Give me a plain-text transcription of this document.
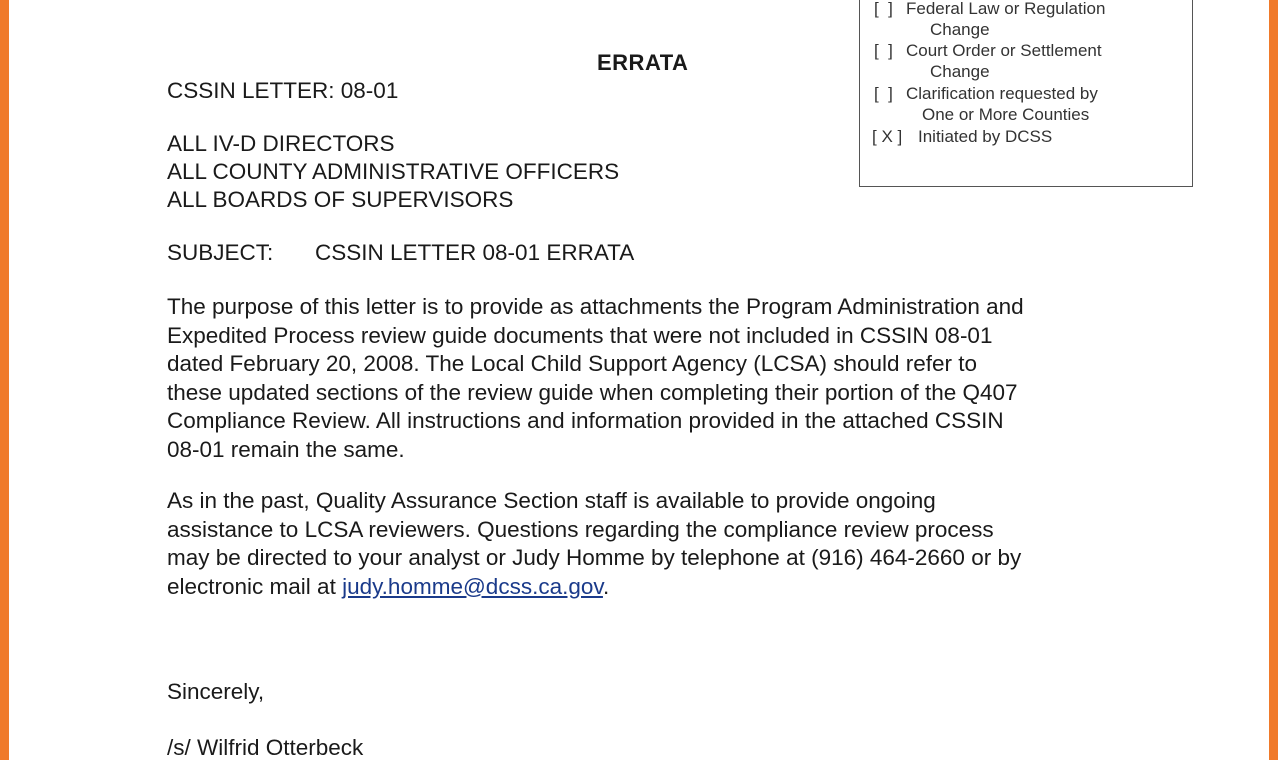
[  ] Federal Law or Regulation
Change
[  ] Court Order or Settlement
Change
[  ] Clarification requested by
One or More Counties
[ X ] Initiated by DCSS
ERRATA
CSSIN LETTER: 08-01
ALL IV-D DIRECTORS
ALL COUNTY ADMINISTRATIVE OFFICERS
ALL BOARDS OF SUPERVISORS
SUBJECT: CSSIN LETTER 08-01 ERRATA
The purpose of this letter is to provide as attachments the Program Administration and
Expedited Process review guide documents that were not included in CSSIN 08-01
dated February 20, 2008. The Local Child Support Agency (LCSA) should refer to
these updated sections of the review guide when completing their portion of the Q407
Compliance Review. All instructions and information provided in the attached CSSIN
08-01 remain the same.
As in the past, Quality Assurance Section staff is available to provide ongoing
assistance to LCSA reviewers. Questions regarding the compliance review process
may be directed to your analyst or Judy Homme by telephone at (916) 464-2660 or by
electronic mail at judy.homme@dcss.ca.gov.
Sincerely,
/s/ Wilfrid Otterbeck
